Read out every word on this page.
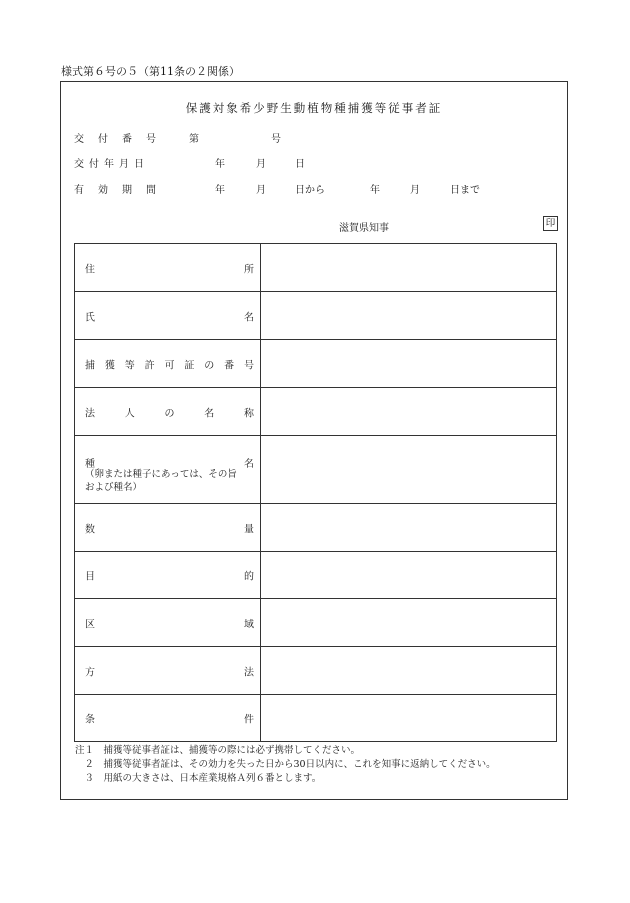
様式第６号の５（第11条の２関係）
保護対象希少野生動植物種捕獲等従事者証
交 付 番 号	第	号
交付年月日	年	月	日
有 効 期 間	年	月	日から	年	月	日まで
滋賀県知事	印
住	所
氏	名
捕 獲 等 許 可 証 の 番 号
法	人	の	名	称
種	名
（卵または種子にあっては、その旨
および種名）
数	量
目	的
区	域
方	法
条	件
注１　捕獲等従事者証は、捕獲等の際には必ず携帯してください。
　２　捕獲等従事者証は、その効力を失った日から30日以内に、これを知事に返納してください。
　３　用紙の大きさは、日本産業規格Ａ列６番とします。
